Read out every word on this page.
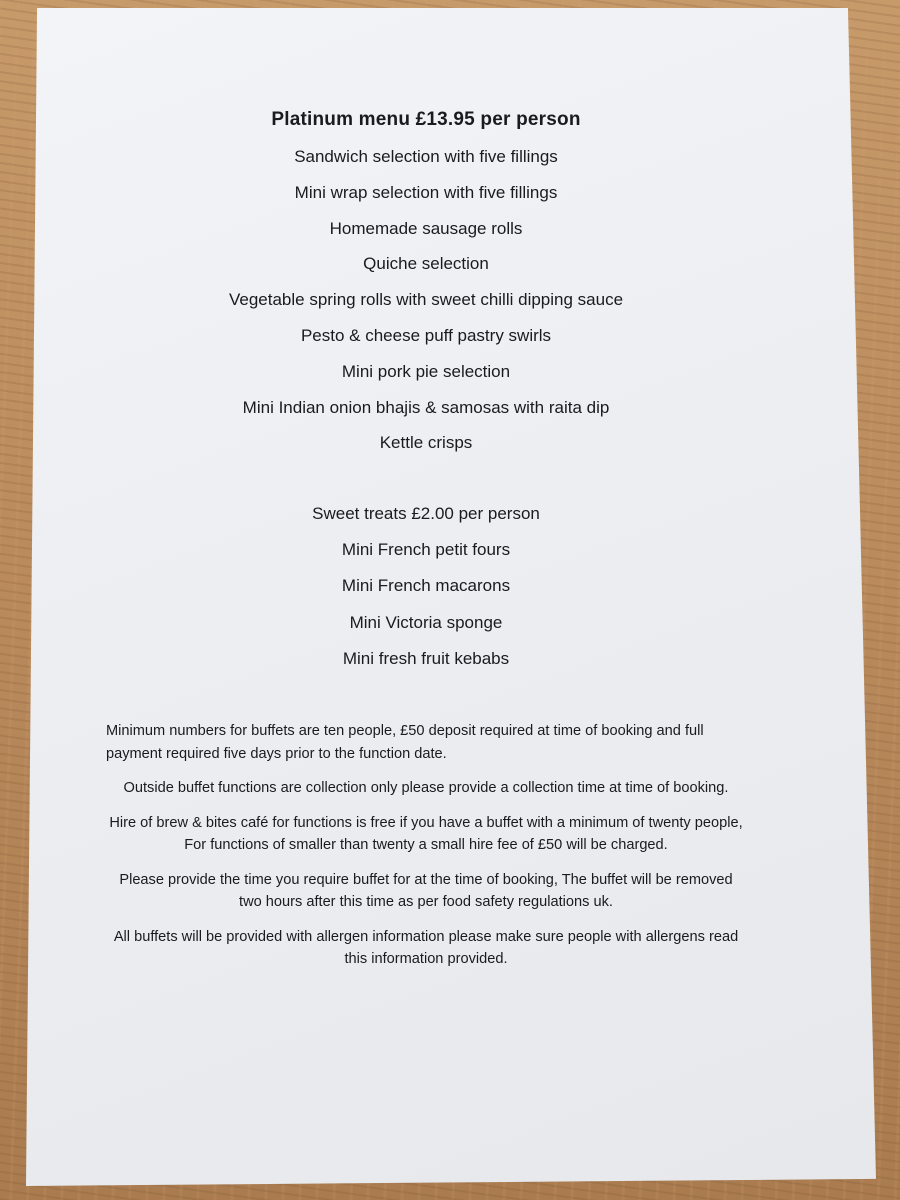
Platinum menu £13.95 per person
Sandwich selection with five fillings
Mini wrap selection with five fillings
Homemade sausage rolls
Quiche selection
Vegetable spring rolls with sweet chilli dipping sauce
Pesto & cheese puff pastry swirls
Mini pork pie selection
Mini Indian onion bhajis & samosas with raita dip
Kettle crisps
Sweet treats £2.00 per person
Mini French petit fours
Mini French macarons
Mini Victoria sponge
Mini fresh fruit kebabs

Minimum numbers for buffets are ten people, £50 deposit required at time of booking and full payment required five days prior to the function date.

Outside buffet functions are collection only please provide a collection time at time of booking.

Hire of brew & bites café for functions is free if you have a buffet with a minimum of twenty people, For functions of smaller than twenty a small hire fee of £50 will be charged.

Please provide the time you require buffet for at the time of booking, The buffet will be removed two hours after this time as per food safety regulations uk.

All buffets will be provided with allergen information please make sure people with allergens read this information provided.
